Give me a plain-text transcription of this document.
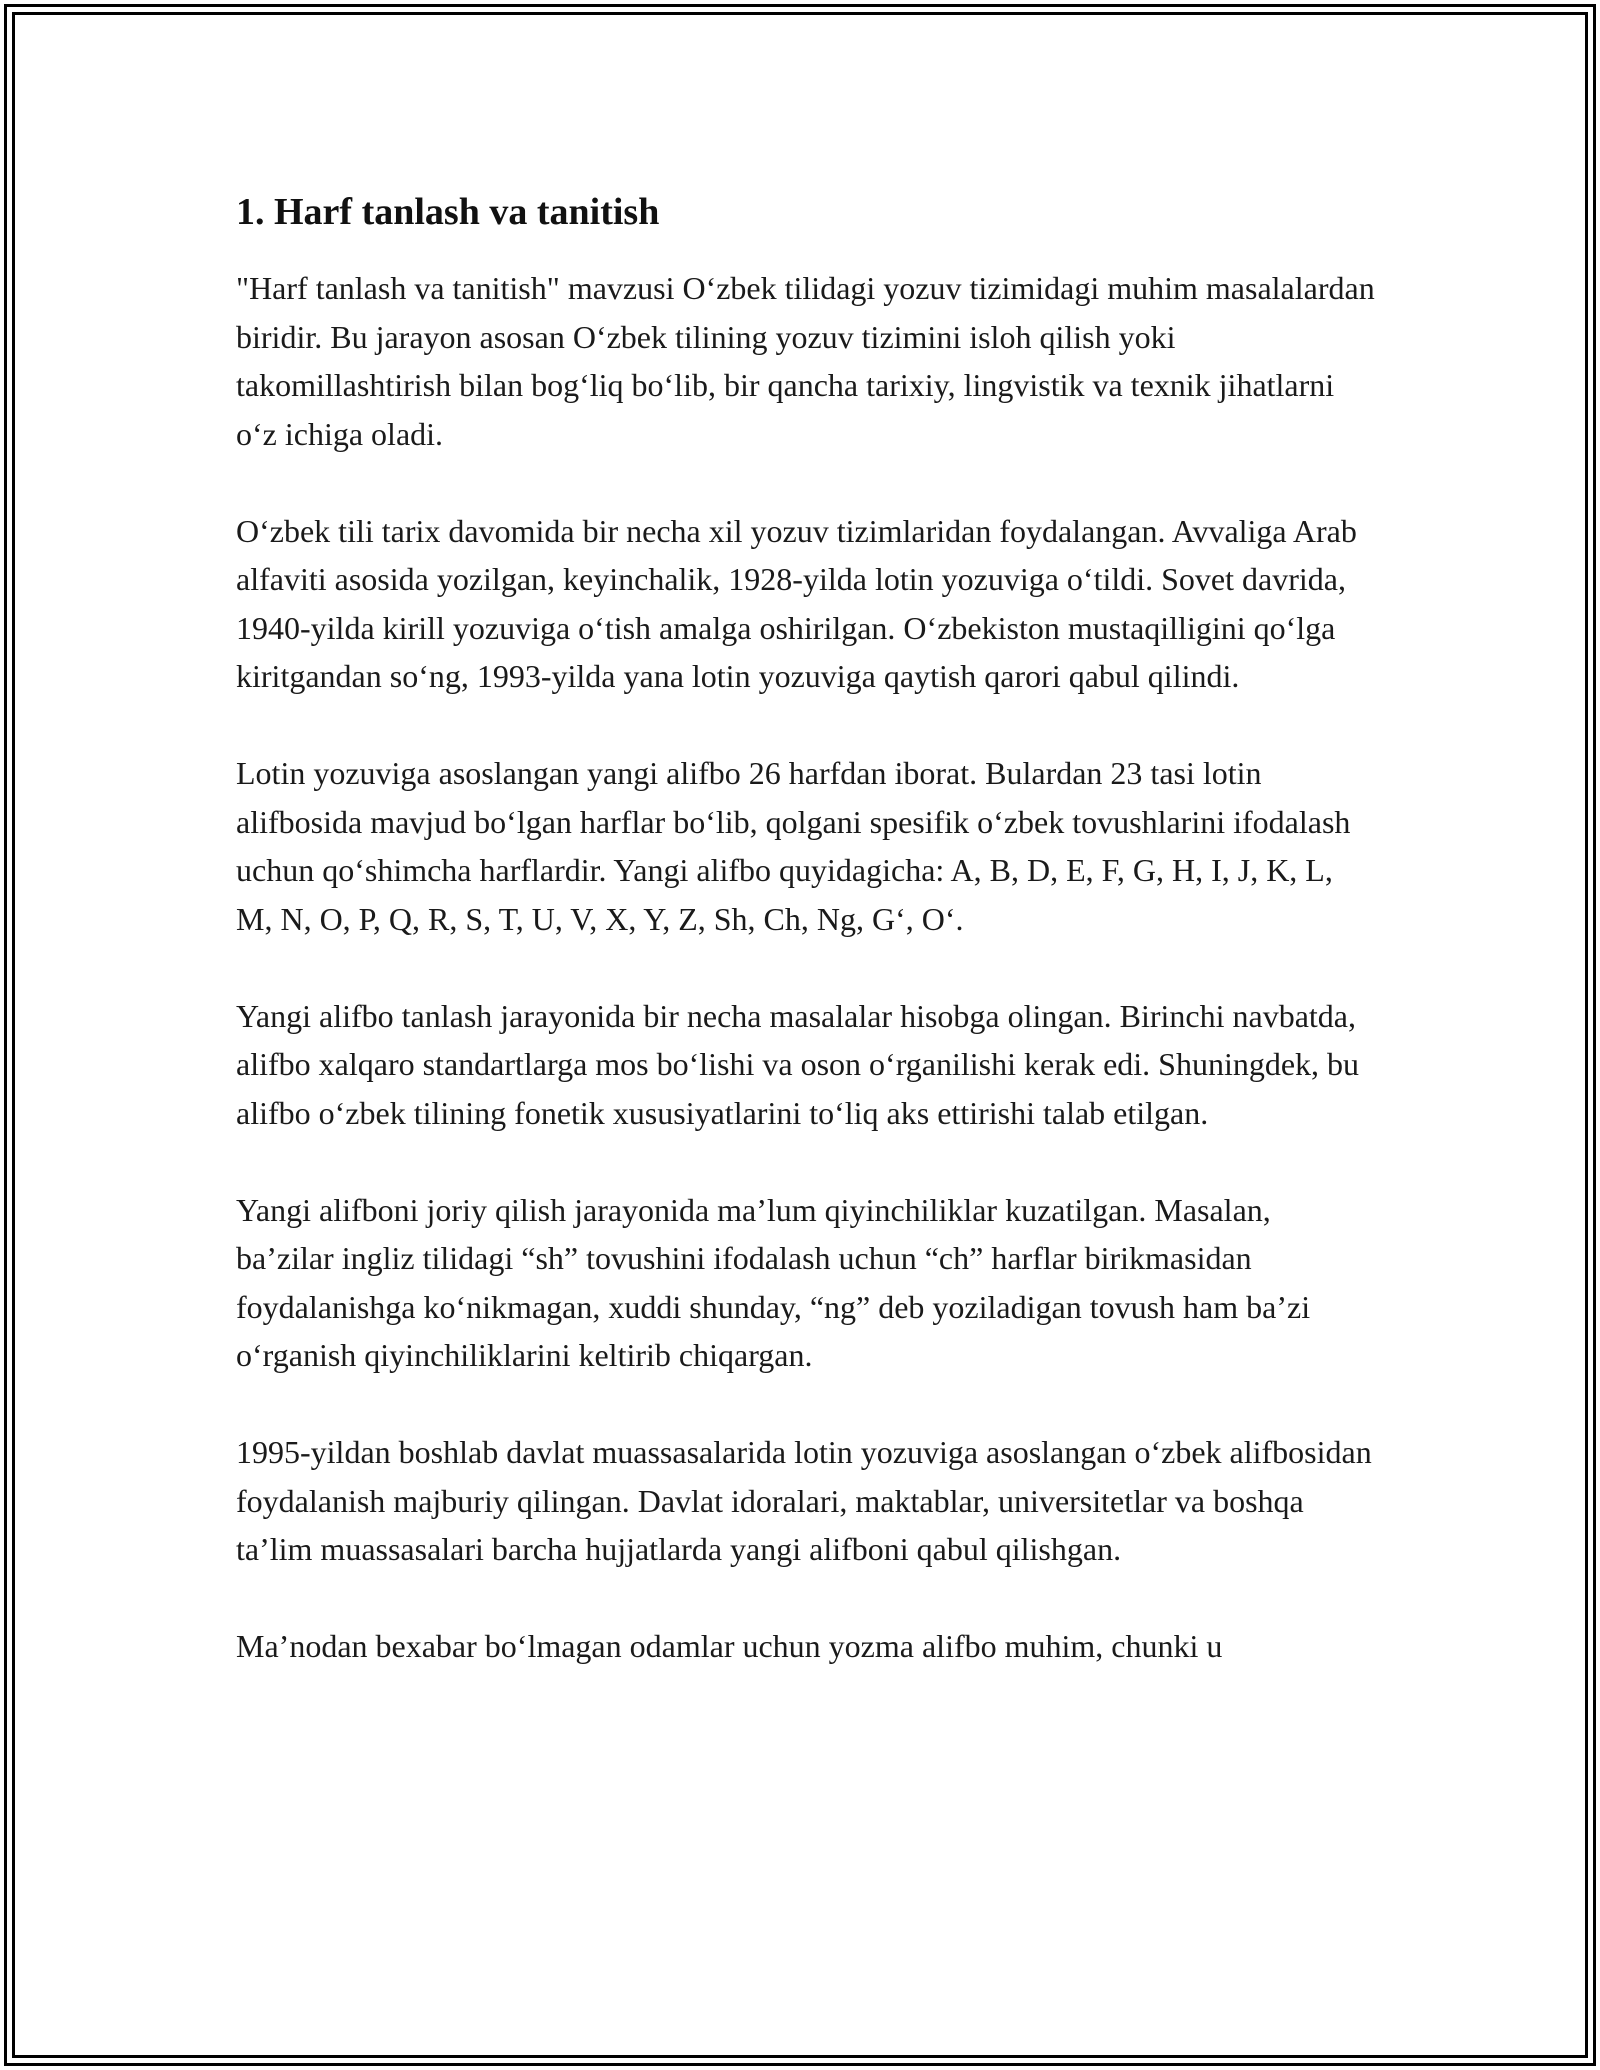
1. Harf tanlash va tanitish

"Harf tanlash va tanitish" mavzusi O‘zbek tilidagi yozuv tizimidagi muhim masalalardan biridir. Bu jarayon asosan O‘zbek tilining yozuv tizimini isloh qilish yoki takomillashtirish bilan bog‘liq bo‘lib, bir qancha tarixiy, lingvistik va texnik jihatlarni o‘z ichiga oladi.

O‘zbek tili tarix davomida bir necha xil yozuv tizimlaridan foydalangan. Avvaliga Arab alfaviti asosida yozilgan, keyinchalik, 1928-yilda lotin yozuviga o‘tildi. Sovet davrida, 1940-yilda kirill yozuviga o‘tish amalga oshirilgan. O‘zbekiston mustaqilligini qo‘lga kiritgandan so‘ng, 1993-yilda yana lotin yozuviga qaytish qarori qabul qilindi.

Lotin yozuviga asoslangan yangi alifbo 26 harfdan iborat. Bulardan 23 tasi lotin alifbosida mavjud bo‘lgan harflar bo‘lib, qolgani spesifik o‘zbek tovushlarini ifodalash uchun qo‘shimcha harflardir. Yangi alifbo quyidagicha: A, B, D, E, F, G, H, I, J, K, L, M, N, O, P, Q, R, S, T, U, V, X, Y, Z, Sh, Ch, Ng, G‘, O‘.

Yangi alifbo tanlash jarayonida bir necha masalalar hisobga olingan. Birinchi navbatda, alifbo xalqaro standartlarga mos bo‘lishi va oson o‘rganilishi kerak edi. Shuningdek, bu alifbo o‘zbek tilining fonetik xususiyatlarini to‘liq aks ettirishi talab etilgan.

Yangi alifboni joriy qilish jarayonida ma’lum qiyinchiliklar kuzatilgan. Masalan, ba’zilar ingliz tilidagi “sh” tovushini ifodalash uchun “ch” harflar birikmasidan foydalanishga ko‘nikmagan, xuddi shunday, “ng” deb yoziladigan tovush ham ba’zi o‘rganish qiyinchiliklarini keltirib chiqargan.

1995-yildan boshlab davlat muassasalarida lotin yozuviga asoslangan o‘zbek alifbosidan foydalanish majburiy qilingan. Davlat idoralari, maktablar, universitetlar va boshqa ta’lim muassasalari barcha hujjatlarda yangi alifboni qabul qilishgan.

Ma’nodan bexabar bo‘lmagan odamlar uchun yozma alifbo muhim, chunki u
